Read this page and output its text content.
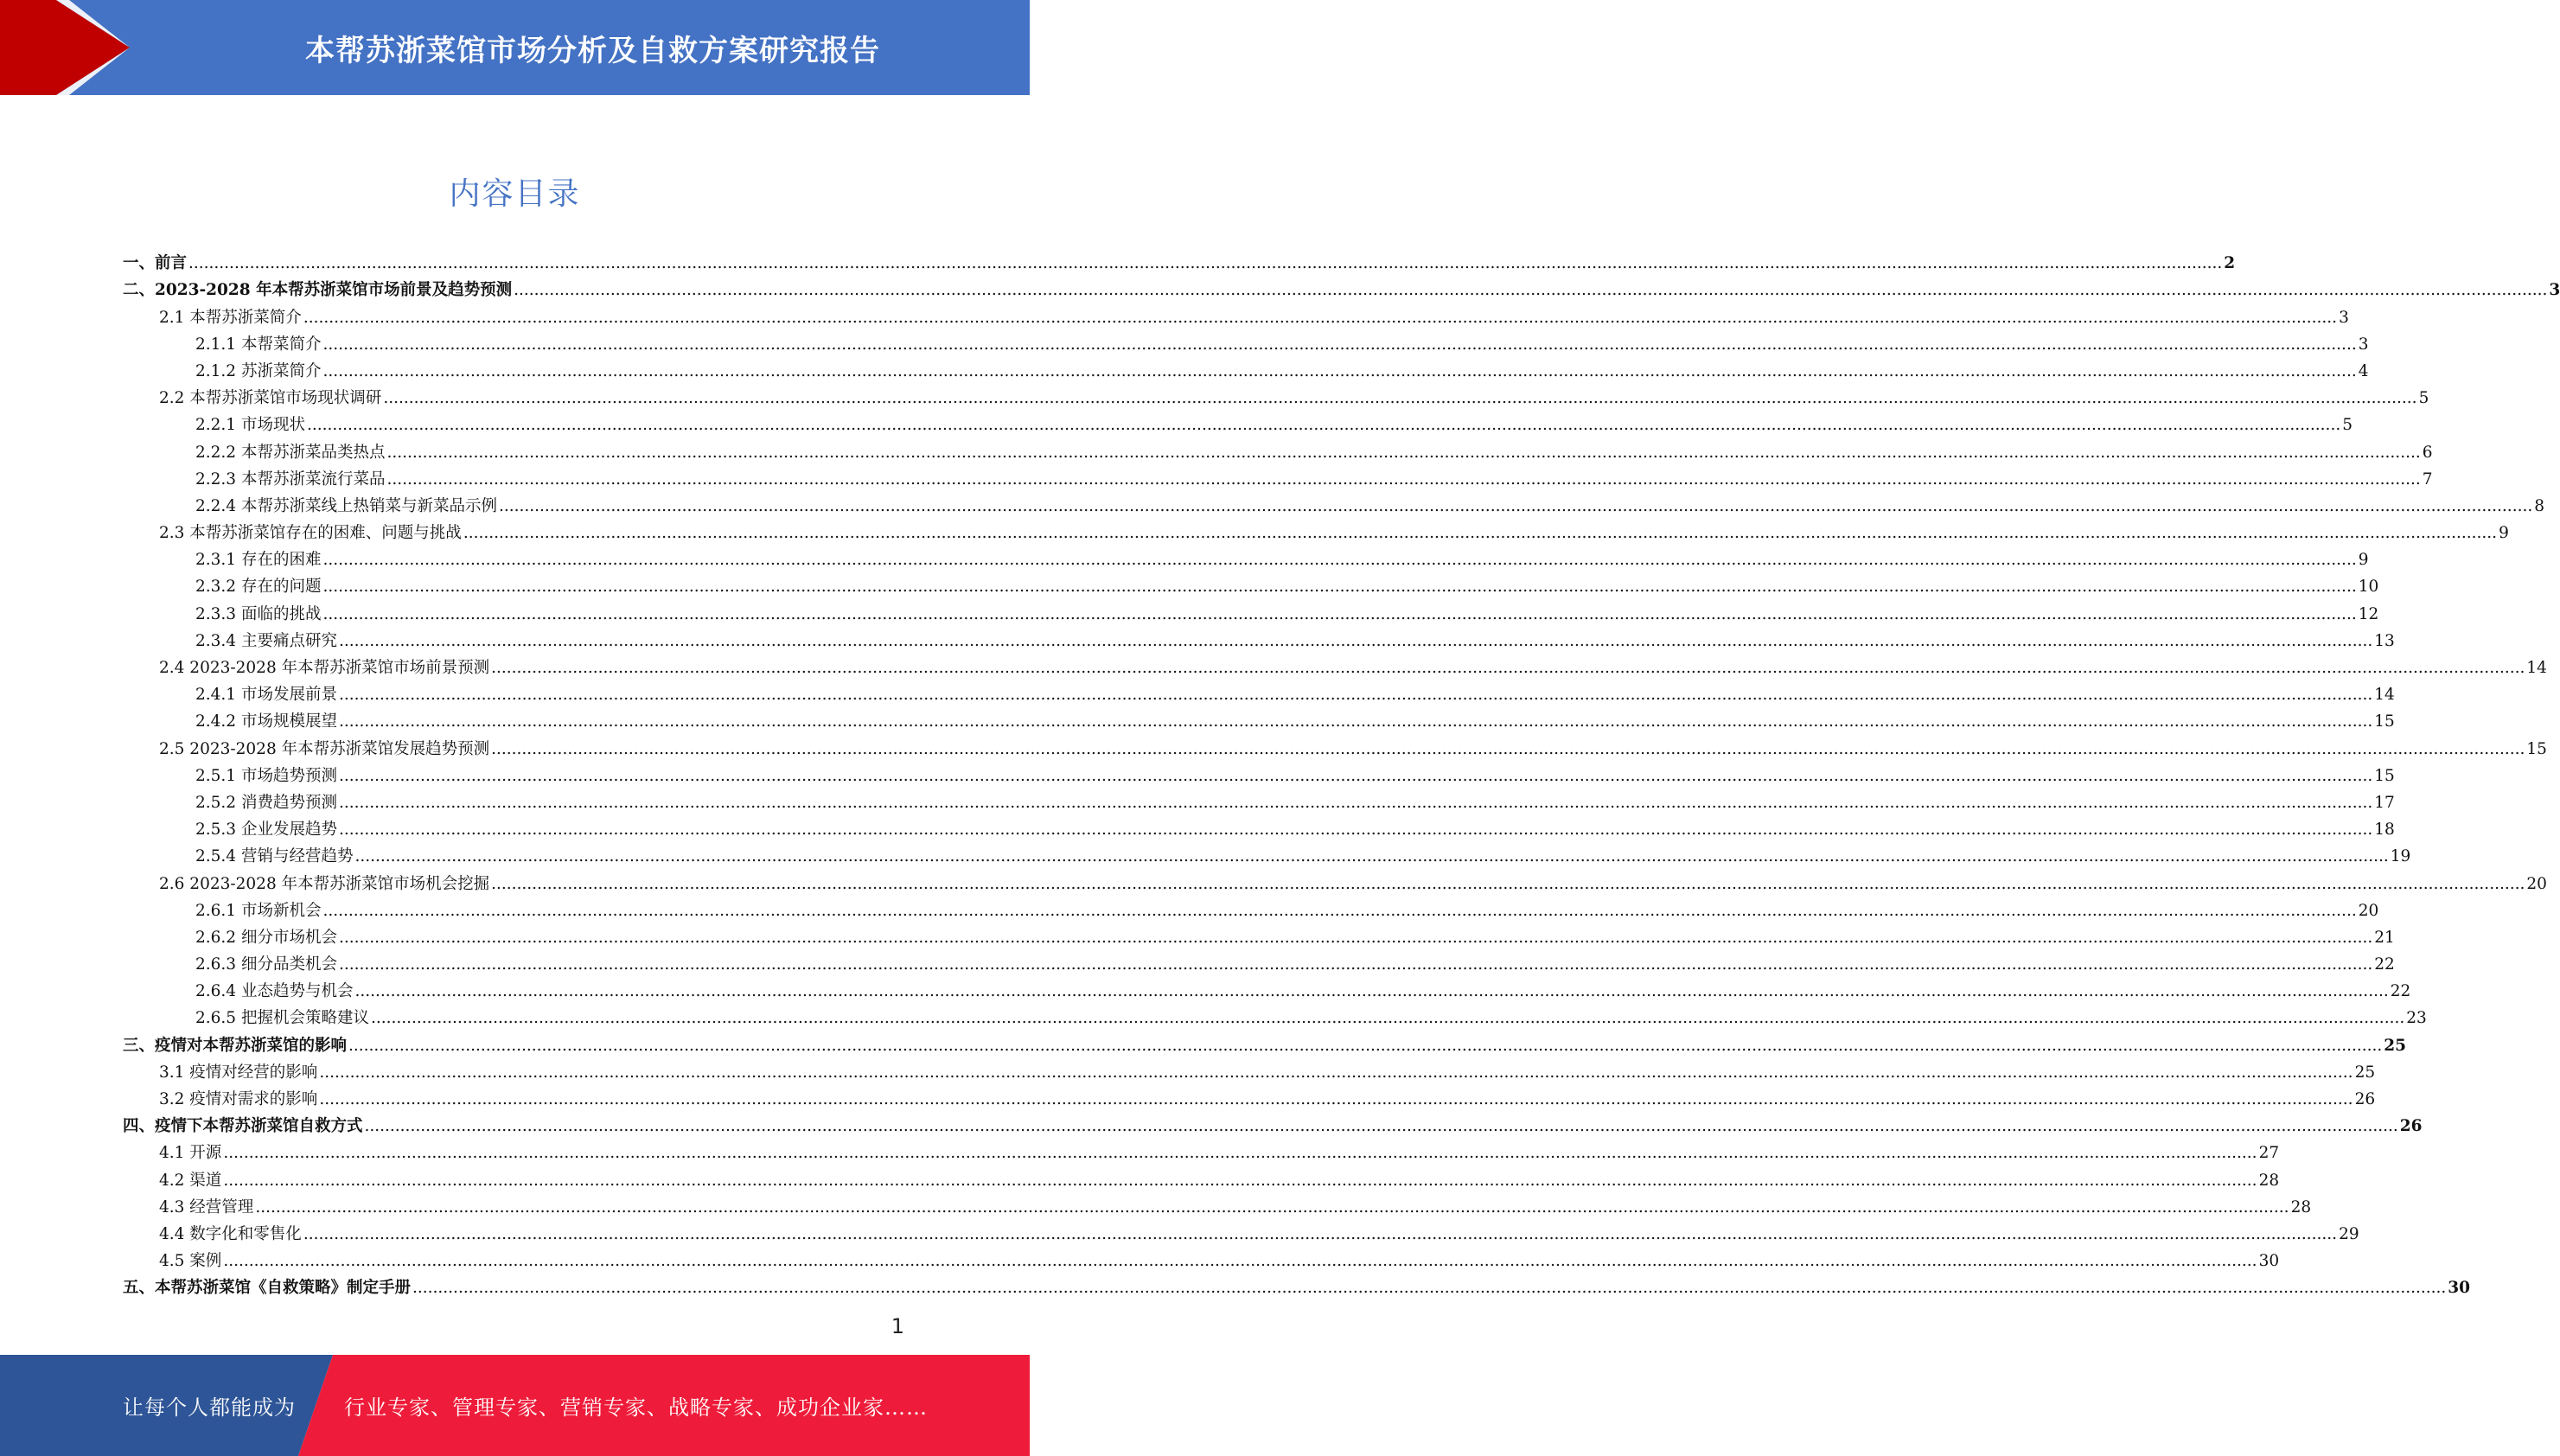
本帮苏浙菜馆市场分析及自救方案研究报告
内容目录
一、前言 ................................................................................................................................................................................................................................................................................................................................................................................................................ 2
二、2023-2028 年本帮苏浙菜馆市场前景及趋势预测 ................................................................................................................................................................................................................................................................................................................................................................................................................ 3
2.1 本帮苏浙菜简介 ................................................................................................................................................................................................................................................................................................................................................................................................................ 3
2.1.1 本帮菜简介 ................................................................................................................................................................................................................................................................................................................................................................................................................ 3
2.1.2 苏浙菜简介 ................................................................................................................................................................................................................................................................................................................................................................................................................ 4
2.2 本帮苏浙菜馆市场现状调研 ................................................................................................................................................................................................................................................................................................................................................................................................................ 5
2.2.1 市场现状 ................................................................................................................................................................................................................................................................................................................................................................................................................ 5
2.2.2 本帮苏浙菜品类热点 ................................................................................................................................................................................................................................................................................................................................................................................................................ 6
2.2.3 本帮苏浙菜流行菜品 ................................................................................................................................................................................................................................................................................................................................................................................................................ 7
2.2.4 本帮苏浙菜线上热销菜与新菜品示例 ................................................................................................................................................................................................................................................................................................................................................................................................................ 8
2.3 本帮苏浙菜馆存在的困难、问题与挑战 ................................................................................................................................................................................................................................................................................................................................................................................................................ 9
2.3.1 存在的困难 ................................................................................................................................................................................................................................................................................................................................................................................................................ 9
2.3.2 存在的问题 ................................................................................................................................................................................................................................................................................................................................................................................................................ 10
2.3.3 面临的挑战 ................................................................................................................................................................................................................................................................................................................................................................................................................ 12
2.3.4 主要痛点研究 ................................................................................................................................................................................................................................................................................................................................................................................................................ 13
2.4 2023-2028 年本帮苏浙菜馆市场前景预测 ................................................................................................................................................................................................................................................................................................................................................................................................................ 14
2.4.1 市场发展前景 ................................................................................................................................................................................................................................................................................................................................................................................................................ 14
2.4.2 市场规模展望 ................................................................................................................................................................................................................................................................................................................................................................................................................ 15
2.5 2023-2028 年本帮苏浙菜馆发展趋势预测 ................................................................................................................................................................................................................................................................................................................................................................................................................ 15
2.5.1 市场趋势预测 ................................................................................................................................................................................................................................................................................................................................................................................................................ 15
2.5.2 消费趋势预测 ................................................................................................................................................................................................................................................................................................................................................................................................................ 17
2.5.3 企业发展趋势 ................................................................................................................................................................................................................................................................................................................................................................................................................ 18
2.5.4 营销与经营趋势 ................................................................................................................................................................................................................................................................................................................................................................................................................ 19
2.6 2023-2028 年本帮苏浙菜馆市场机会挖掘 ................................................................................................................................................................................................................................................................................................................................................................................................................ 20
2.6.1 市场新机会 ................................................................................................................................................................................................................................................................................................................................................................................................................ 20
2.6.2 细分市场机会 ................................................................................................................................................................................................................................................................................................................................................................................................................ 21
2.6.3 细分品类机会 ................................................................................................................................................................................................................................................................................................................................................................................................................ 22
2.6.4 业态趋势与机会 ................................................................................................................................................................................................................................................................................................................................................................................................................ 22
2.6.5 把握机会策略建议 ................................................................................................................................................................................................................................................................................................................................................................................................................ 23
三、疫情对本帮苏浙菜馆的影响 ................................................................................................................................................................................................................................................................................................................................................................................................................ 25
3.1 疫情对经营的影响 ................................................................................................................................................................................................................................................................................................................................................................................................................ 25
3.2 疫情对需求的影响 ................................................................................................................................................................................................................................................................................................................................................................................................................ 26
四、疫情下本帮苏浙菜馆自救方式 ................................................................................................................................................................................................................................................................................................................................................................................................................ 26
4.1 开源 ................................................................................................................................................................................................................................................................................................................................................................................................................ 27
4.2 渠道 ................................................................................................................................................................................................................................................................................................................................................................................................................ 28
4.3 经营管理 ................................................................................................................................................................................................................................................................................................................................................................................................................ 28
4.4 数字化和零售化 ................................................................................................................................................................................................................................................................................................................................................................................................................ 29
4.5 案例 ................................................................................................................................................................................................................................................................................................................................................................................................................ 30
五、本帮苏浙菜馆《自救策略》制定手册 ................................................................................................................................................................................................................................................................................................................................................................................................................ 30
1
让每个人都能成为 行业专家、管理专家、营销专家、战略专家、成功企业家……
